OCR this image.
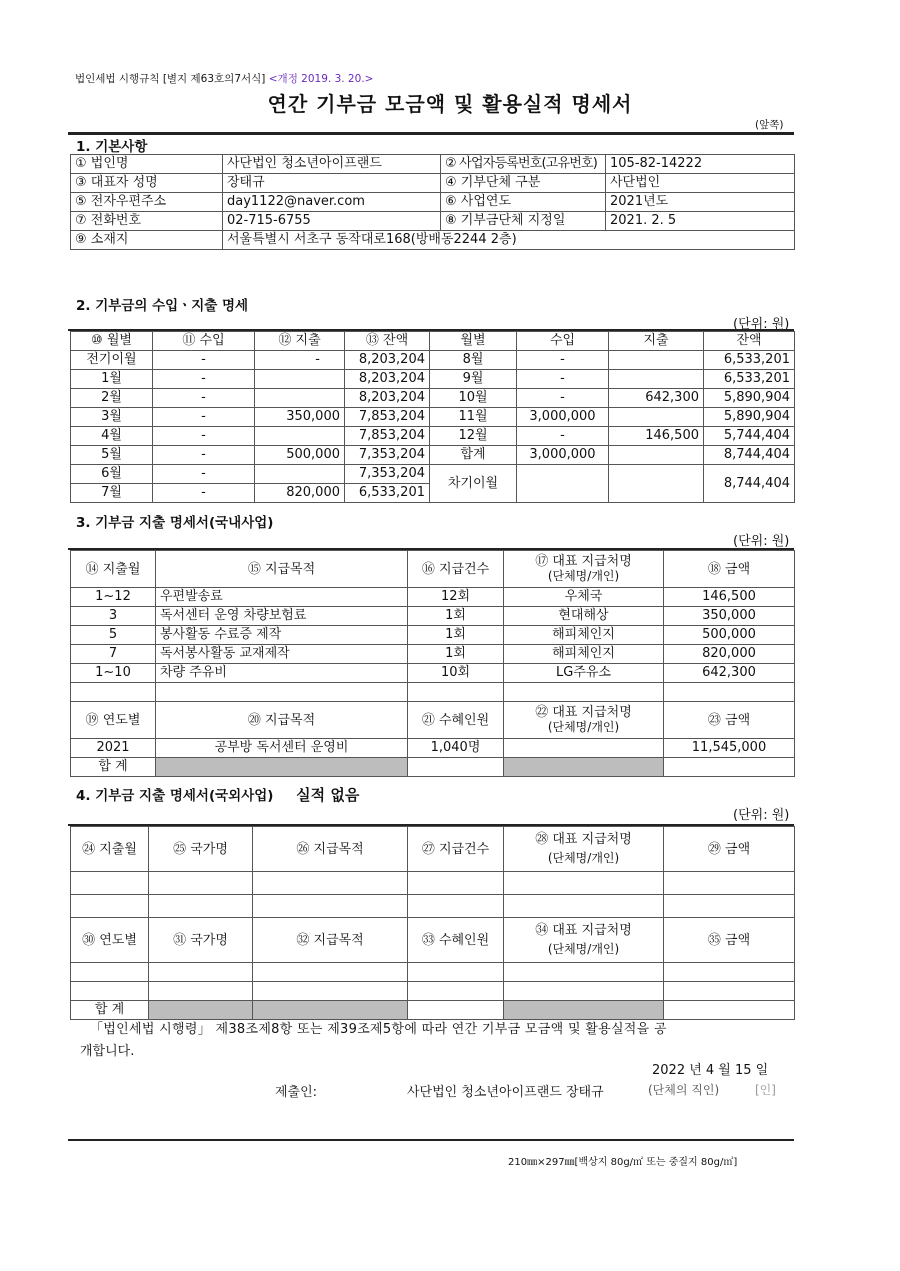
법인세법 시행규칙 [별지 제63호의7서식] <개정 2019. 3. 20.>
연간 기부금 모금액 및 활용실적 명세서
(앞쪽)
1. 기본사항
① 법인명	사단법인 청소년아이프랜드	② 사업자등록번호(고유번호)	105-82-14222
③ 대표자 성명	장태규	④ 기부단체 구분	사단법인
⑤ 전자우편주소	day1122@naver.com	⑥ 사업연도	2021년도
⑦ 전화번호	02-715-6755	⑧ 기부금단체 지정일	2021. 2. 5
⑨ 소재지	서울특별시 서초구 동작대로168(방배동2244 2층)		
2. 기부금의 수입ㆍ지출 명세
(단위: 원)
⑩ 월별	⑪ 수입	⑫ 지출	⑬ 잔액	월별	수입	지출	잔액
전기이월	-	-	8,203,204	8월	-		6,533,201
1월	-		8,203,204	9월	-		6,533,201
2월	-		8,203,204	10월	-	642,300	5,890,904
3월	-	350,000	7,853,204	11월	3,000,000		5,890,904
4월	-		7,853,204	12월	-	146,500	5,744,404
5월	-	500,000	7,353,204	합계	3,000,000		8,744,404
6월	-		7,353,204	차기이월			8,744,404
7월	-	820,000	6,533,201				
3. 기부금 지출 명세서(국내사업)
(단위: 원)
⑭ 지출월	⑮ 지급목적	⑯ 지급건수	⑰ 대표 지급처명
(단체명/개인)	⑱ 금액
1~12	우편발송료	12회	우체국	146,500
3	독서센터 운영 차량보험료	1회	현대해상	350,000
5	봉사활동 수료증 제작	1회	해피체인지	500,000
7	독서봉사활동 교재제작	1회	해피체인지	820,000
1~10	차량 주유비	10회	LG주유소	642,300

⑲ 연도별	⑳ 지급목적	㉑ 수혜인원	㉒ 대표 지급처명
(단체명/개인)	㉓ 금액
2021	공부방 독서센터 운영비	1,040명		11,545,000
합 계				
4. 기부금 지출 명세서(국외사업) 실적 없음
(단위: 원)
㉔ 지출월	㉕ 국가명	㉖ 지급목적	㉗ 지급건수	㉘ 대표 지급처명
(단체명/개인)	㉙ 금액

㉚ 연도별	㉛ 국가명	㉜ 지급목적	㉝ 수혜인원	㉞ 대표 지급처명
(단체명/개인)	㉟ 금액

합 계					
「법인세법 시행령」 제38조제8항 또는 제39조제5항에 따라 연간 기부금 모금액 및 활용실적을 공
개합니다.
2022 년 4 월 15 일
제출인:	사단법인 청소년아이프랜드 장태규	(단체의 직인)	[인]
210㎜×297㎜[백상지 80g/㎡ 또는 중질지 80g/㎡]
